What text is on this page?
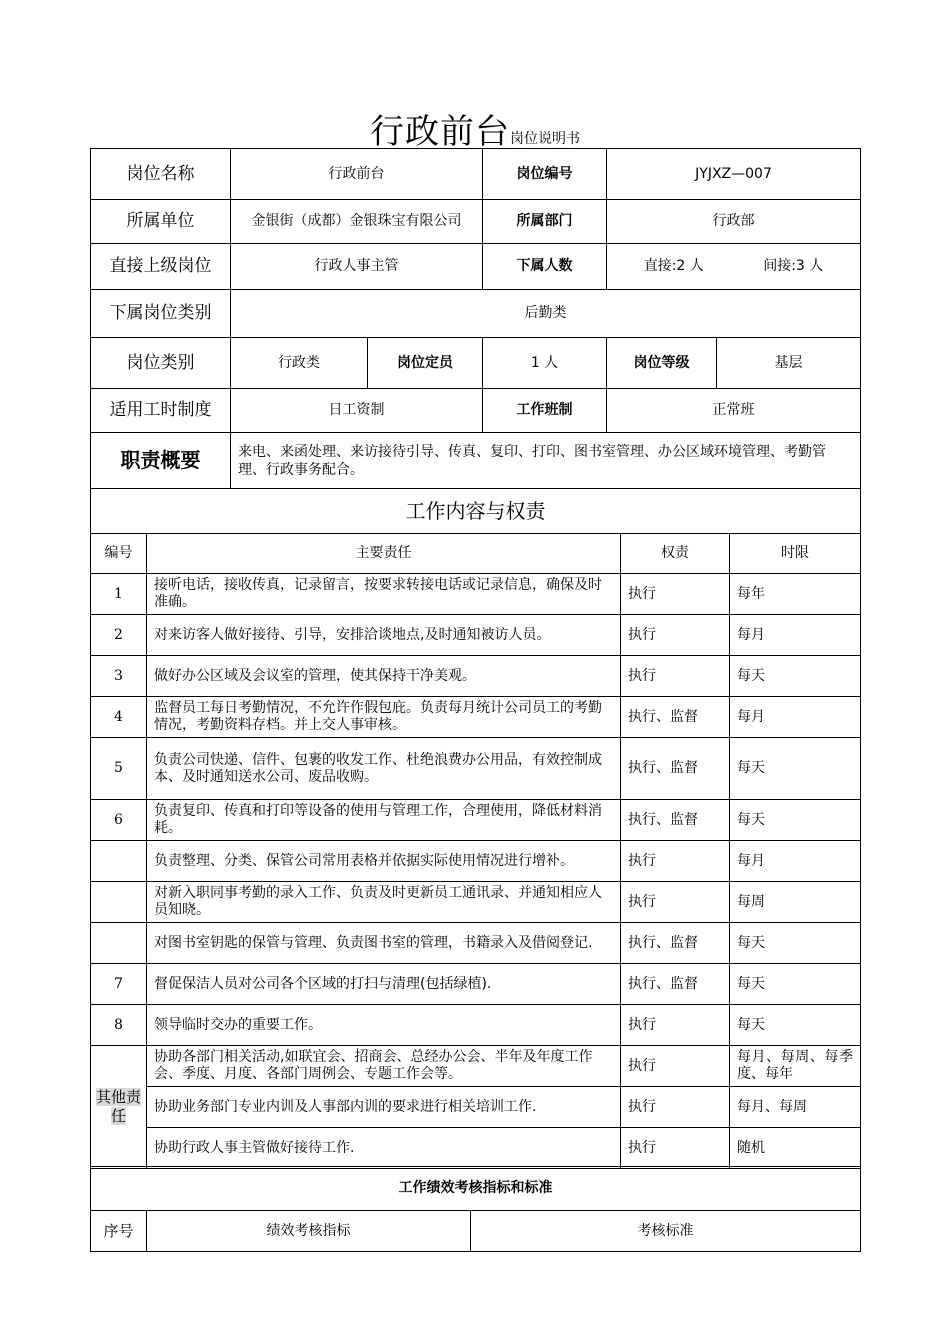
行政前台岗位说明书
岗位名称	行政前台		岗位编号	JYJXZ—007	
所属单位	金银街（成都）金银珠宝有限公司		所属部门	行政部	
直接上级岗位	行政人事主管		下属人数	直接:2 人 间接:3 人	

下属岗位类别	后勤类				
岗位类别	行政类	岗位定员	1 人	岗位等级	基层
适用工时制度	日工资制		工作班制	正常班	
职责概要	来电、来函处理、来访接待引导、传真、复印、打印、图书室管理、办公区域环境管理、考勤管理、行政事务配合。				
工作内容与权责			
编号	主要责任	权责	时限
1	接听电话，接收传真，记录留言，按要求转接电话或记录信息，确保及时准确。	执行	每年
2	对来访客人做好接待、引导，安排洽谈地点,及时通知被访人员。	执行	每月
3	做好办公区域及会议室的管理，使其保持干净美观。	执行	每天
4	监督员工每日考勤情况，不允许作假包庇。负责每月统计公司员工的考勤情况，考勤资料存档。并上交人事审核。	执行、监督	每月
5	负责公司快递、信件、包裹的收发工作、杜绝浪费办公用品，有效控制成本、及时通知送水公司、废品收购。	执行、监督	每天
6	负责复印、传真和打印等设备的使用与管理工作，合理使用，降低材料消耗。	执行、监督	每天
	负责整理、分类、保管公司常用表格并依据实际使用情况进行增补。	执行	每月
	对新入职同事考勤的录入工作、负责及时更新员工通讯录、并通知相应人员知晓。	执行	每周
	对图书室钥匙的保管与管理、负责图书室的管理，书籍录入及借阅登记.	执行、监督	每天
7	督促保洁人员对公司各个区域的打扫与清理(包括绿植).	执行、监督	每天
8	领导临时交办的重要工作。	执行	每天
其他责任	协助各部门相关活动,如联宜会、招商会、总经办公会、半年及年度工作会、季度、月度、各部门周例会、专题工作会等。	执行	每月、每周、每季度、每年
	协助业务部门专业内训及人事部内训的要求进行相关培训工作.	执行	每月、每周
	协助行政人事主管做好接待工作.	执行	随机
工作绩效考核指标和标准
序号	绩效考核指标	考核标准
